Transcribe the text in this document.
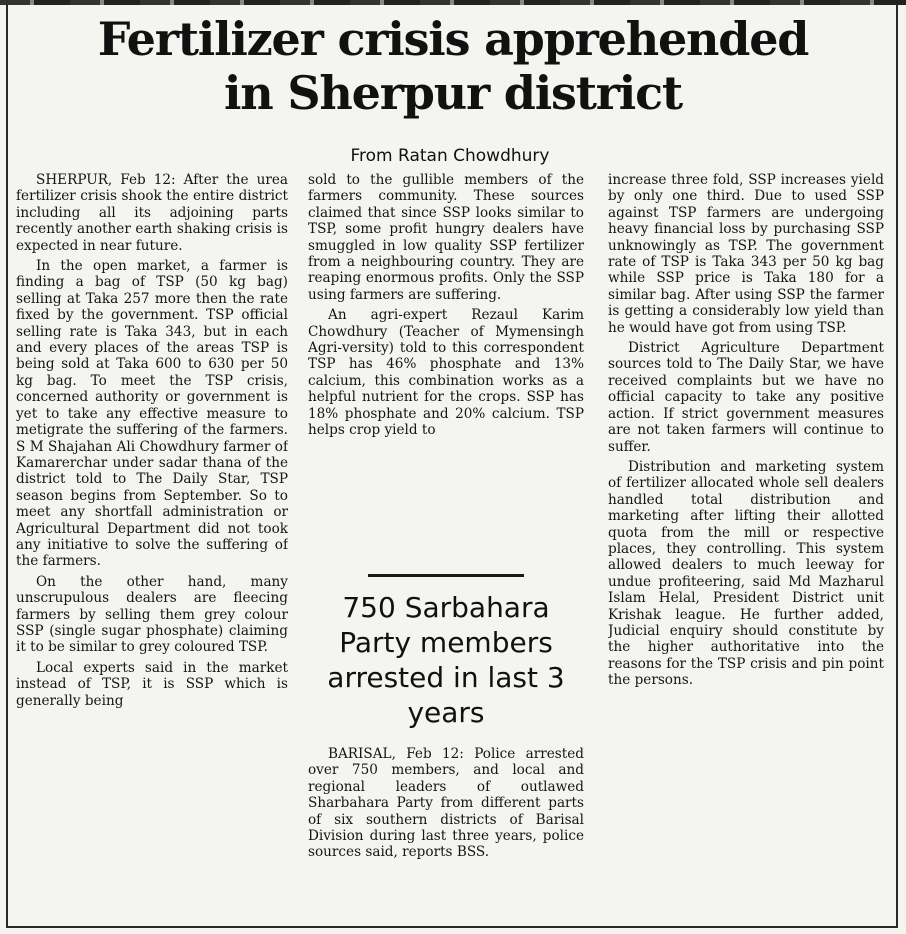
Fertilizer crisis apprehended
in Sherpur district
From Ratan Chowdhury

SHERPUR, Feb 12: After the urea fertilizer crisis shook the entire district including all its adjoining parts recently another earth shaking crisis is expected in near future.

In the open market, a farmer is finding a bag of TSP (50 kg bag) selling at Taka 257 more then the rate fixed by the government. TSP official selling rate is Taka 343, but in each and every places of the areas TSP is being sold at Taka 600 to 630 per 50 kg bag. To meet the TSP crisis, concerned authority or government is yet to take any effective measure to metigrate the suffering of the farmers. S M Shajahan Ali Chowdhury farmer of Kamarerchar under sadar thana of the district told to The Daily Star, TSP season begins from September. So to meet any shortfall administration or Agricultural Department did not took any initiative to solve the suffering of the farmers.

On the other hand, many unscrupulous dealers are fleecing farmers by selling them grey colour SSP (single sugar phosphate) claiming it to be similar to grey coloured TSP.

Local experts said in the market instead of TSP, it is SSP which is generally being

sold to the gullible members of the farmers community. These sources claimed that since SSP looks similar to TSP, some profit hungry dealers have smuggled in low quality SSP fertilizer from a neighbouring country. They are reaping enormous profits. Only the SSP using farmers are suffering.

An agri-expert Rezaul Karim Chowdhury (Teacher of Mymensingh Agri-versity) told to this correspondent TSP has 46% phosphate and 13% calcium, this combination works as a helpful nutrient for the crops. SSP has 18% phosphate and 20% calcium. TSP helps crop yield to

750 Sarbahara Party members arrested in last 3 years

BARISAL, Feb 12: Police arrested over 750 members, and local and regional leaders of outlawed Sharbahara Party from different parts of six southern districts of Barisal Division during last three years, police sources said, reports BSS.

increase three fold, SSP increases yield by only one third. Due to used SSP against TSP farmers are undergoing heavy financial loss by purchasing SSP unknowingly as TSP. The government rate of TSP is Taka 343 per 50 kg bag while SSP price is Taka 180 for a similar bag. After using SSP the farmer is getting a considerably low yield than he would have got from using TSP.

District Agriculture Department sources told to The Daily Star, we have received complaints but we have no official capacity to take any positive action. If strict government measures are not taken farmers will continue to suffer.

Distribution and marketing system of fertilizer allocated whole sell dealers handled total distribution and marketing after lifting their allotted quota from the mill or respective places, they controlling. This system allowed dealers to much leeway for undue profiteering, said Md Mazharul Islam Helal, President District unit Krishak league. He further added, Judicial enquiry should constitute by the higher authoritative into the reasons for the TSP crisis and pin point the persons.
